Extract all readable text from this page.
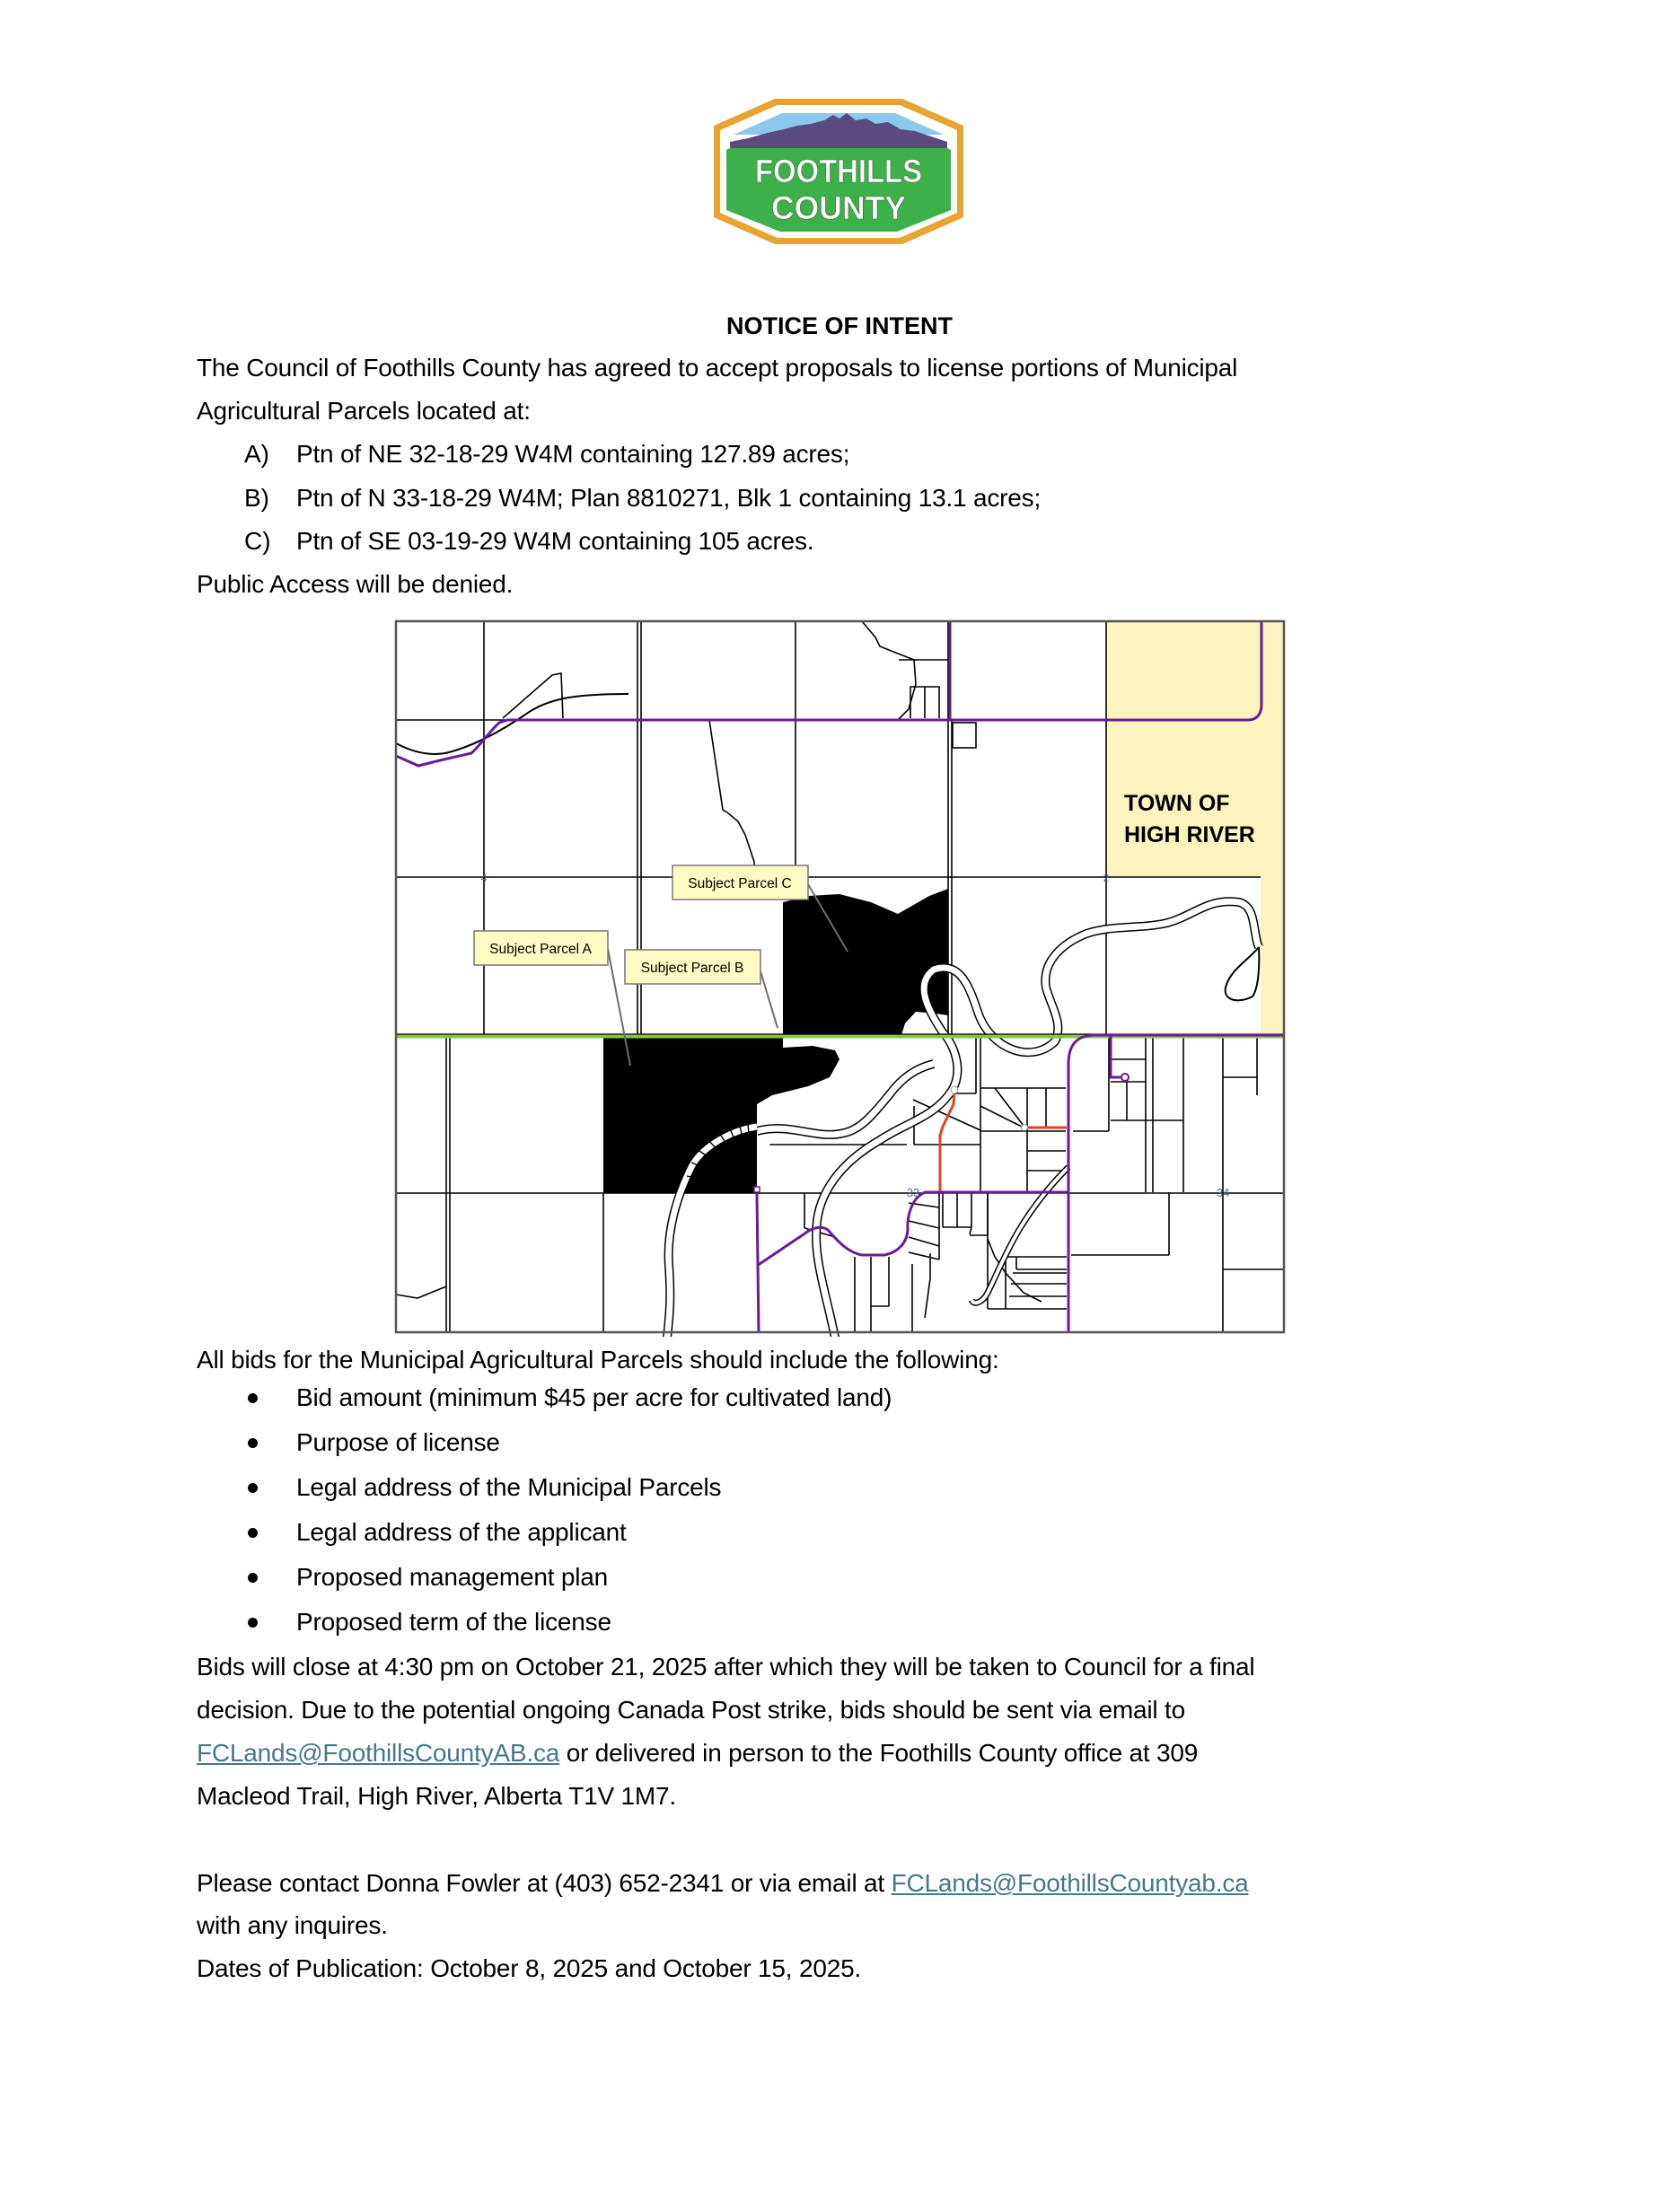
FOOTHILLS
COUNTY
NOTICE OF INTENT
The Council of Foothills County has agreed to accept proposals to license portions of Municipal
Agricultural Parcels located at:
A) Ptn of NE 32-18-29 W4M containing 127.89 acres;
B) Ptn of N 33-18-29 W4M; Plan 8810271, Blk 1 containing 13.1 acres;
C) Ptn of SE 03-19-29 W4M containing 105 acres.
Public Access will be denied.
Subject Parcel A
Subject Parcel B
Subject Parcel C
4	2
33	34
TOWN OF
HIGH RIVER
All bids for the Municipal Agricultural Parcels should include the following:
Bid amount (minimum $45 per acre for cultivated land)
Purpose of license
Legal address of the Municipal Parcels
Legal address of the applicant
Proposed management plan
Proposed term of the license
Bids will close at 4:30 pm on October 21, 2025 after which they will be taken to Council for a final
decision. Due to the potential ongoing Canada Post strike, bids should be sent via email to
FCLands@FoothillsCountyAB.ca or delivered in person to the Foothills County office at 309
Macleod Trail, High River, Alberta T1V 1M7.
Please contact Donna Fowler at (403) 652-2341 or via email at FCLands@FoothillsCountyab.ca
with any inquires.
Dates of Publication: October 8, 2025 and October 15, 2025.
